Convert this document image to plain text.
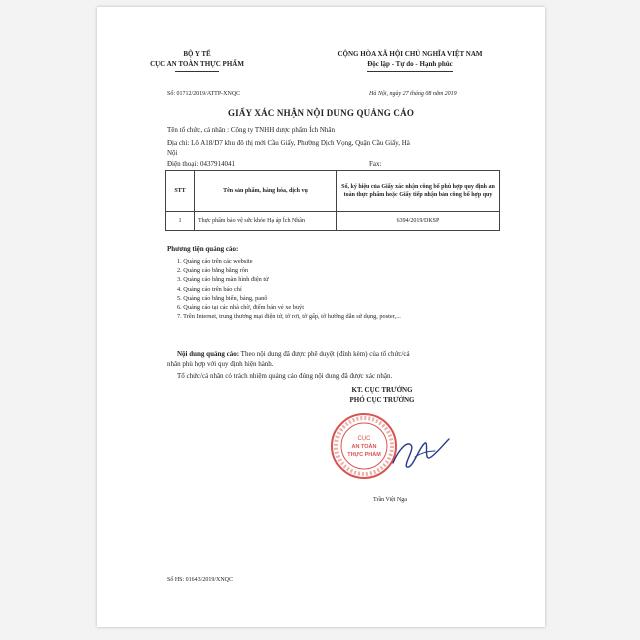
BỘ Y TẾ
CỤC AN TOÀN THỰC PHẨM
CỘNG HÒA XÃ HỘI CHỦ NGHĨA VIỆT NAM
Độc lập - Tự do - Hạnh phúc
Số: 01712/2019/ATTP-XNQC	Hà Nội, ngày 27 tháng 08 năm 2019
GIẤY XÁC NHẬN NỘI DUNG QUẢNG CÁO
Tên tổ chức, cá nhân : Công ty TNHH dược phẩm Ích Nhân
Địa chỉ: Lô A18/D7 khu đô thị mới Cầu Giấy, Phường Dịch Vọng, Quận Cầu Giấy, Hà
Nội
Điện thoại: 0437914041	Fax:
STT	Tên sản phẩm, hàng hóa, dịch vụ	Số, ký hiệu của Giấy xác nhận công bố phù hợp quy định an toàn thực phẩm hoặc Giấy tiếp nhận bản công bố hợp quy
1	Thực phẩm bảo vệ sức khỏe Hạ áp Ích Nhân	6394/2019/DKSP
Phương tiện quảng cáo:
1. Quảng cáo trên các website
2. Quảng cáo bằng băng rôn
3. Quảng cáo bằng màn hình điện tử
4. Quảng cáo trên báo chí
5. Quảng cáo bằng biển, bảng, panô
6. Quảng cáo tại các nhà chờ, điểm bán vé xe buýt
7. Trên Internet, trung thương mại điện tử, tờ rơi, tờ gấp, tờ hướng dẫn sử dụng, poster,...
Nội dung quảng cáo: Theo nội dung đã được phê duyệt (đính kèm) của tổ chức/cá
nhân phù hợp với quy định hiện hành.
Tổ chức/cá nhân có trách nhiệm quảng cáo đúng nội dung đã được xác nhận.
KT. CỤC TRƯỞNG
PHÓ CỤC TRƯỞNG
CỤC
AN TOÀN
THỰC PHẨM
Trần Việt Nga
Số HS: 01643/2019/XNQC
